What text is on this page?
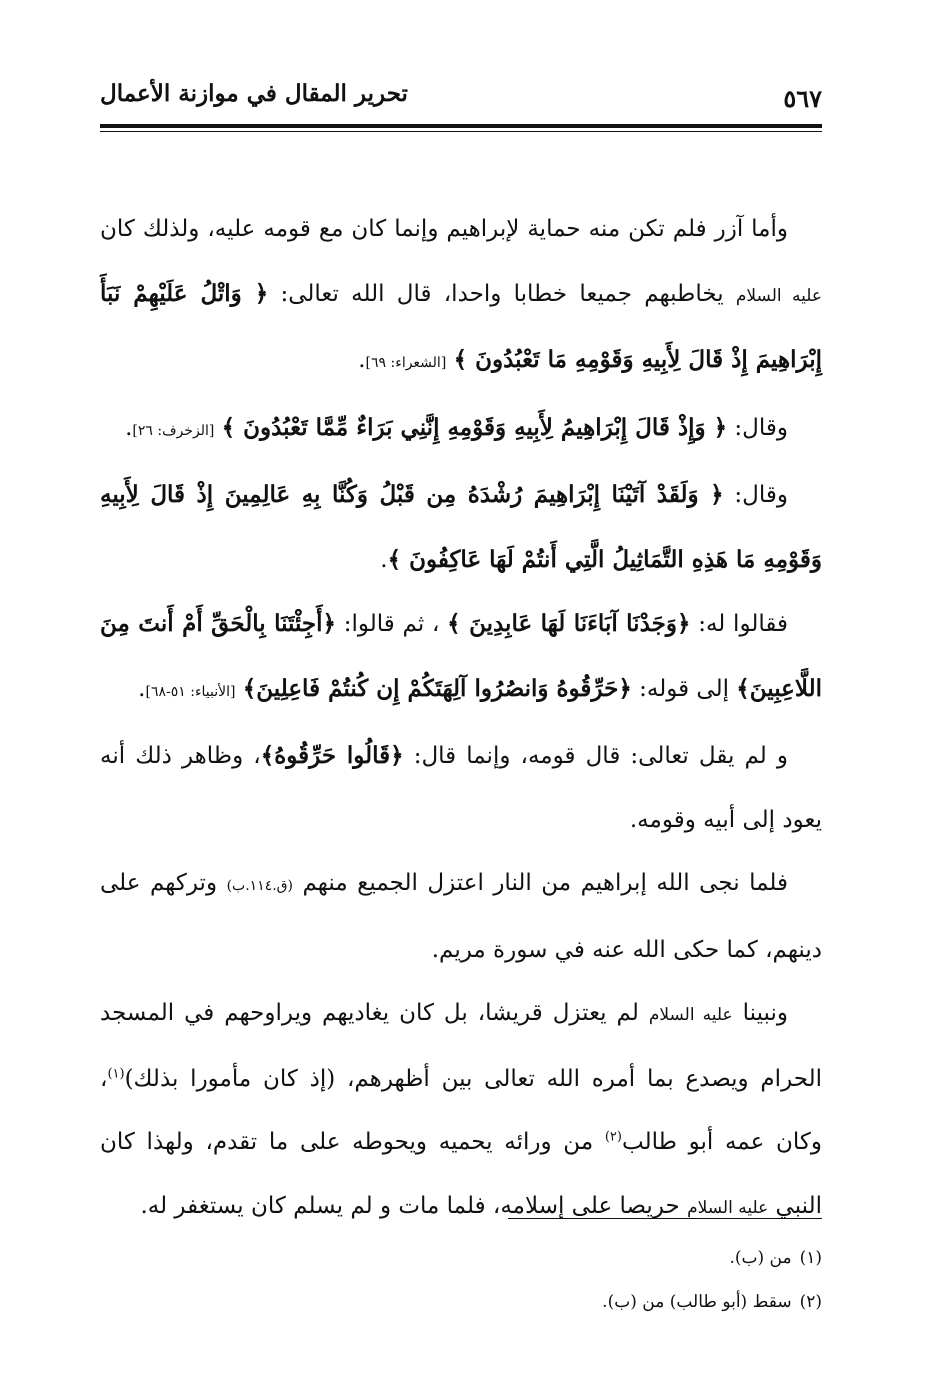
٥٦٧
تحرير المقال في موازنة الأعمال

وأما آزر فلم تكن منه حماية لإبراهيم وإنما كان مع قومه عليه، ولذلك كان عليه السلام يخاطبهم جميعا خطابا واحدا، قال الله تعالى: ﴿ وَاتْلُ عَلَيْهِمْ نَبَأَ إِبْرَاهِيمَ إِذْ قَالَ لِأَبِيهِ وَقَوْمِهِ مَا تَعْبُدُونَ ﴾ [الشعراء: ٦٩].

وقال: ﴿ وَإِذْ قَالَ إِبْرَاهِيمُ لِأَبِيهِ وَقَوْمِهِ إِنَّنِي بَرَاءٌ مِّمَّا تَعْبُدُونَ ﴾ [الزخرف: ٢٦].

وقال: ﴿ وَلَقَدْ آتَيْنَا إِبْرَاهِيمَ رُشْدَهُ مِن قَبْلُ وَكُنَّا بِهِ عَالِمِينَ إِذْ قَالَ لِأَبِيهِ وَقَوْمِهِ مَا هَذِهِ التَّمَاثِيلُ الَّتِي أَنتُمْ لَهَا عَاكِفُونَ ﴾.

فقالوا له: ﴿وَجَدْنَا آبَاءَنَا لَهَا عَابِدِينَ ﴾ ، ثم قالوا: ﴿أَجِئْتَنَا بِالْحَقِّ أَمْ أَنتَ مِنَ اللَّاعِبِينَ﴾ إلى قوله: ﴿حَرِّقُوهُ وَانصُرُوا آلِهَتَكُمْ إِن كُنتُمْ فَاعِلِينَ﴾ [الأنبياء: ٥١-٦٨].

و لم يقل تعالى: قال قومه، وإنما قال: ﴿قَالُوا حَرِّقُوهُ﴾، وظاهر ذلك أنه يعود إلى أبيه وقومه.

فلما نجى الله إبراهيم من النار اعتزل الجميع منهم (ق.١١٤.ب) وتركهم على دينهم، كما حكى الله عنه في سورة مريم.

ونبينا عليه السلام لم يعتزل قريشا، بل كان يغاديهم ويراوحهم في المسجد الحرام ويصدع بما أمره الله تعالى بين أظهرهم، (إذ كان مأمورا بذلك)$^{(١)}$، وكان عمه أبو طالب$^{(٢)}$ من ورائه يحميه ويحوطه على ما تقدم، ولهذا كان النبي عليه السلام حريصا على إسلامه، فلما مات و لم يسلم كان يستغفر له.

(١)من (ب).

(٢)سقط (أبو طالب) من (ب).
